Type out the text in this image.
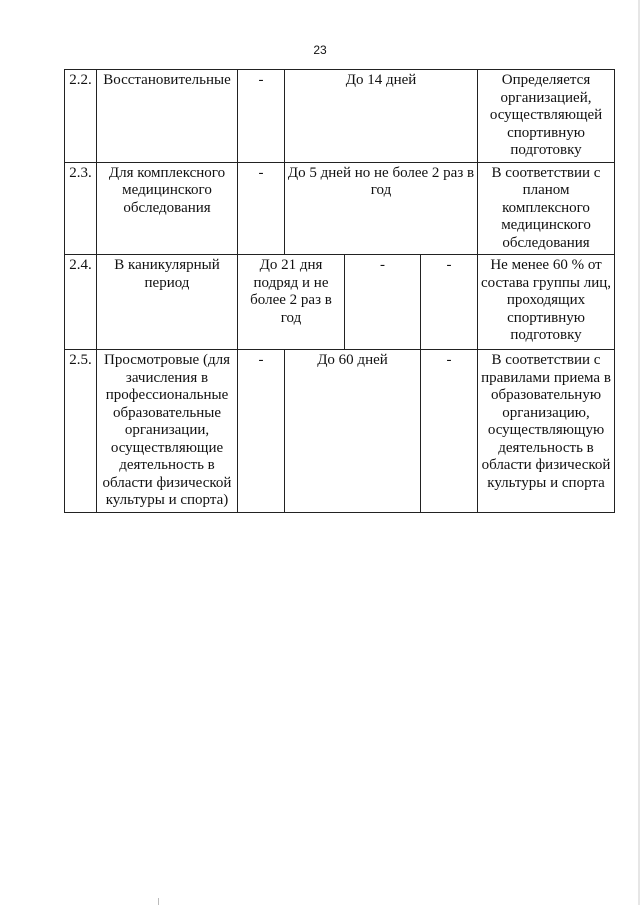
23
2.2.	Восстановительные	-	До 14 дней			Определяется организацией, осуществляющей спортивную подготовку
2.3.	Для комплексного медицинского обследования	-	До 5 дней но не более 2 раз в год			В соответствии с планом комплексного медицинского обследования
2.4.	В каникулярный период	До 21 дня подряд и не более 2 раз в год		-	-	Не менее 60 % от состава группы лиц, проходящих спортивную подготовку
2.5.	Просмотровые (для зачисления в профессиональные образовательные организации, осуществляющие деятельность в области физической культуры и спорта)	-	До 60 дней		-	В соответствии с правилами приема в образовательную организацию, осуществляющую деятельность в области физической культуры и спорта
